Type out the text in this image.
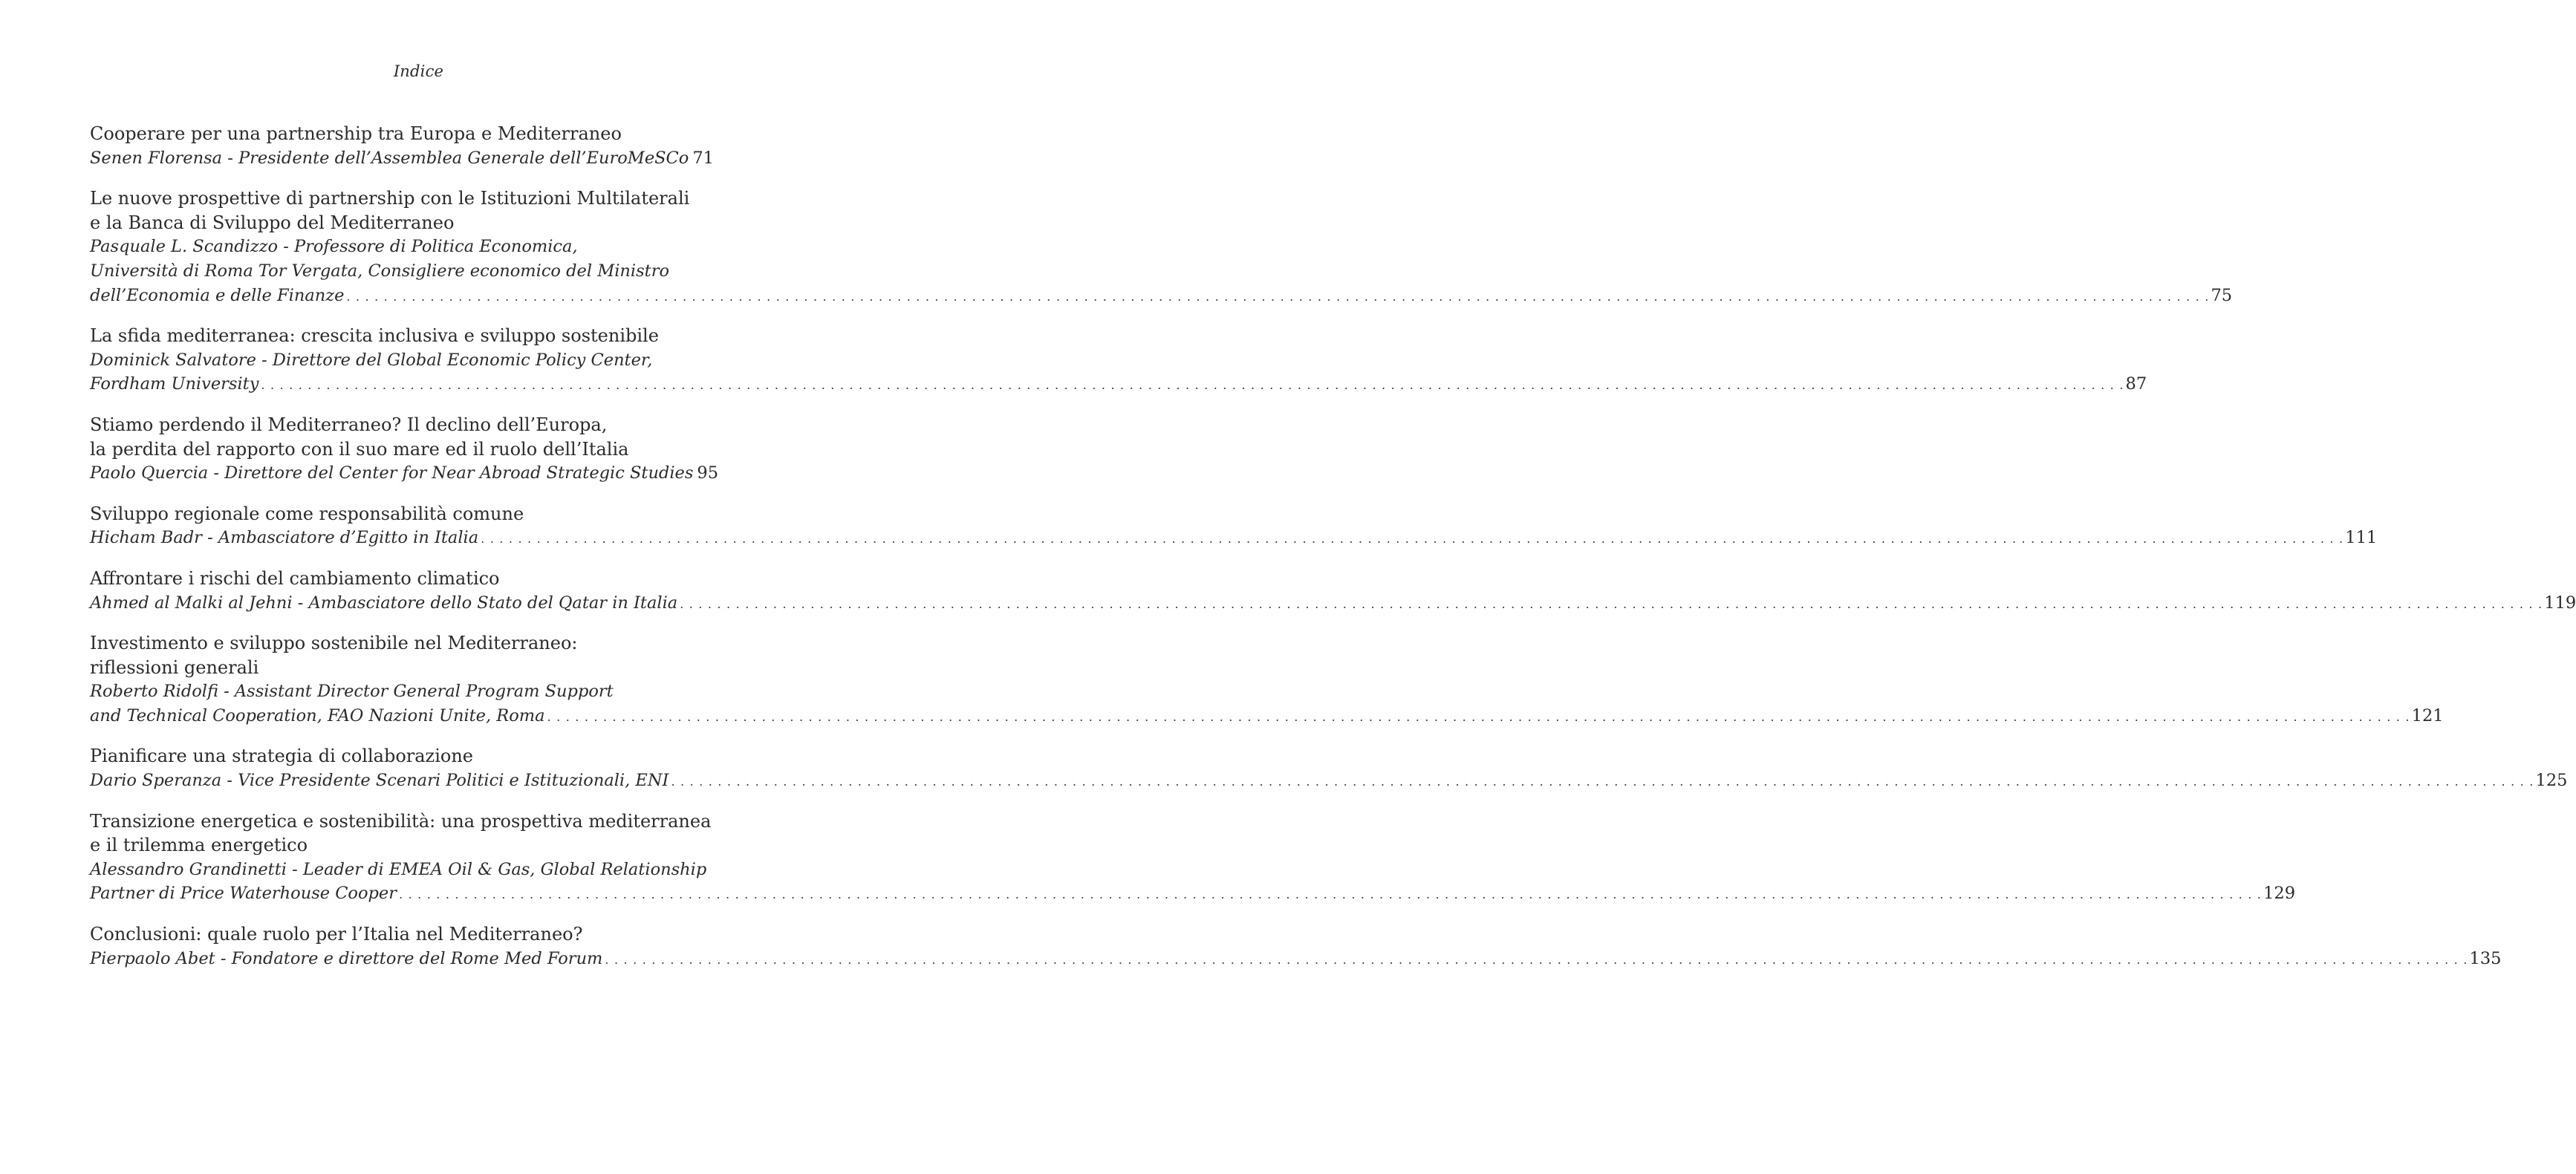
Indice
Cooperare per una partnership tra Europa e Mediterraneo
Senen Florensa - Presidente dell’Assemblea Generale dell’EuroMeSCo 71
Le nuove prospettive di partnership con le Istituzioni Multilaterali
e la Banca di Sviluppo del Mediterraneo
Pasquale L. Scandizzo - Professore di Politica Economica,
Università di Roma Tor Vergata, Consigliere economico del Ministro
dell’Economia e delle Finanze . . . . . . . . . . . . . . . . . . . . . . . . . . . . . . . . . . . . . . . . . . . . . . . . . . . . . . . . . . . . . . . . . . . . . . . . . . . . . . . . . . . . . . . . . . . . . . . . . . . . . . . . . . . . . . . . . . . . . . . . . . . . . . . . . . . . . . . . . . . . . . . . . . . . . . . . . . . . . . . . . . . . . . . . . . . . . . . . . . . . . . . . . . . . . . . . . . . . . . . . 75
La sfida mediterranea: crescita inclusiva e sviluppo sostenibile
Dominick Salvatore - Direttore del Global Economic Policy Center,
Fordham University . . . . . . . . . . . . . . . . . . . . . . . . . . . . . . . . . . . . . . . . . . . . . . . . . . . . . . . . . . . . . . . . . . . . . . . . . . . . . . . . . . . . . . . . . . . . . . . . . . . . . . . . . . . . . . . . . . . . . . . . . . . . . . . . . . . . . . . . . . . . . . . . . . . . . . . . . . . . . . . . . . . . . . . . . . . . . . . . . . . . . . . . . . . . . . . . . . . . . . . . 87
Stiamo perdendo il Mediterraneo? Il declino dell’Europa,
la perdita del rapporto con il suo mare ed il ruolo dell’Italia
Paolo Quercia - Direttore del Center for Near Abroad Strategic Studies 95
Sviluppo regionale come responsabilità comune
Hicham Badr - Ambasciatore d’Egitto in Italia . . . . . . . . . . . . . . . . . . . . . . . . . . . . . . . . . . . . . . . . . . . . . . . . . . . . . . . . . . . . . . . . . . . . . . . . . . . . . . . . . . . . . . . . . . . . . . . . . . . . . . . . . . . . . . . . . . . . . . . . . . . . . . . . . . . . . . . . . . . . . . . . . . . . . . . . . . . . . . . . . . . . . . . . . . . . . . . . . . . . . . . . . . . . . . . . . . . . . . . . 111
Affrontare i rischi del cambiamento climatico
Ahmed al Malki al Jehni - Ambasciatore dello Stato del Qatar in Italia . . . . . . . . . . . . . . . . . . . . . . . . . . . . . . . . . . . . . . . . . . . . . . . . . . . . . . . . . . . . . . . . . . . . . . . . . . . . . . . . . . . . . . . . . . . . . . . . . . . . . . . . . . . . . . . . . . . . . . . . . . . . . . . . . . . . . . . . . . . . . . . . . . . . . . . . . . . . . . . . . . . . . . . . . . . . . . . . . . . . . . . . . . . . . . . . . . . . . . . . 119
Investimento e sviluppo sostenibile nel Mediterraneo:
riflessioni generali
Roberto Ridolfi - Assistant Director General Program Support
and Technical Cooperation, FAO Nazioni Unite, Roma . . . . . . . . . . . . . . . . . . . . . . . . . . . . . . . . . . . . . . . . . . . . . . . . . . . . . . . . . . . . . . . . . . . . . . . . . . . . . . . . . . . . . . . . . . . . . . . . . . . . . . . . . . . . . . . . . . . . . . . . . . . . . . . . . . . . . . . . . . . . . . . . . . . . . . . . . . . . . . . . . . . . . . . . . . . . . . . . . . . . . . . . . . . . . . . . . . . . . . . . 121
Pianificare una strategia di collaborazione
Dario Speranza - Vice Presidente Scenari Politici e Istituzionali, ENI . . . . . . . . . . . . . . . . . . . . . . . . . . . . . . . . . . . . . . . . . . . . . . . . . . . . . . . . . . . . . . . . . . . . . . . . . . . . . . . . . . . . . . . . . . . . . . . . . . . . . . . . . . . . . . . . . . . . . . . . . . . . . . . . . . . . . . . . . . . . . . . . . . . . . . . . . . . . . . . . . . . . . . . . . . . . . . . . . . . . . . . . . . . . . . . . . . . . . . . . 125
Transizione energetica e sostenibilità: una prospettiva mediterranea
e il trilemma energetico
Alessandro Grandinetti - Leader di EMEA Oil & Gas, Global Relationship
Partner di Price Waterhouse Cooper . . . . . . . . . . . . . . . . . . . . . . . . . . . . . . . . . . . . . . . . . . . . . . . . . . . . . . . . . . . . . . . . . . . . . . . . . . . . . . . . . . . . . . . . . . . . . . . . . . . . . . . . . . . . . . . . . . . . . . . . . . . . . . . . . . . . . . . . . . . . . . . . . . . . . . . . . . . . . . . . . . . . . . . . . . . . . . . . . . . . . . . . . . . . . . . . . . . . . . . . 129
Conclusioni: quale ruolo per l’Italia nel Mediterraneo?
Pierpaolo Abet - Fondatore e direttore del Rome Med Forum . . . . . . . . . . . . . . . . . . . . . . . . . . . . . . . . . . . . . . . . . . . . . . . . . . . . . . . . . . . . . . . . . . . . . . . . . . . . . . . . . . . . . . . . . . . . . . . . . . . . . . . . . . . . . . . . . . . . . . . . . . . . . . . . . . . . . . . . . . . . . . . . . . . . . . . . . . . . . . . . . . . . . . . . . . . . . . . . . . . . . . . . . . . . . . . . . . . . . . . . 135
